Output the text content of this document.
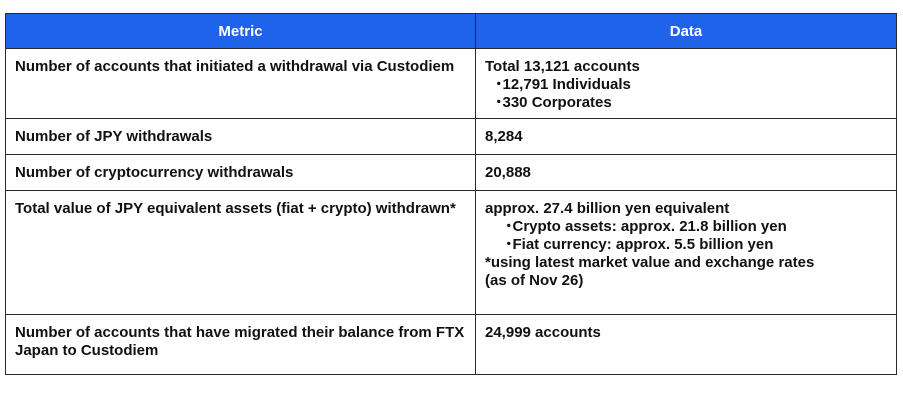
Metric	Data
Number of accounts that initiated a withdrawal via Custodiem	Total 13,121 accounts
･12,791 Individuals
･330 Corporates

Number of JPY withdrawals	8,284

Number of cryptocurrency withdrawals	20,888

Total value of JPY equivalent assets (fiat + crypto) withdrawn*	approx. 27.4 billion yen equivalent
･Crypto assets: approx. 21.8 billion yen
･Fiat currency: approx. 5.5 billion yen
*using latest market value and exchange rates
(as of Nov 26)

Number of accounts that have migrated their balance from FTX Japan to Custodiem	24,999 accounts
